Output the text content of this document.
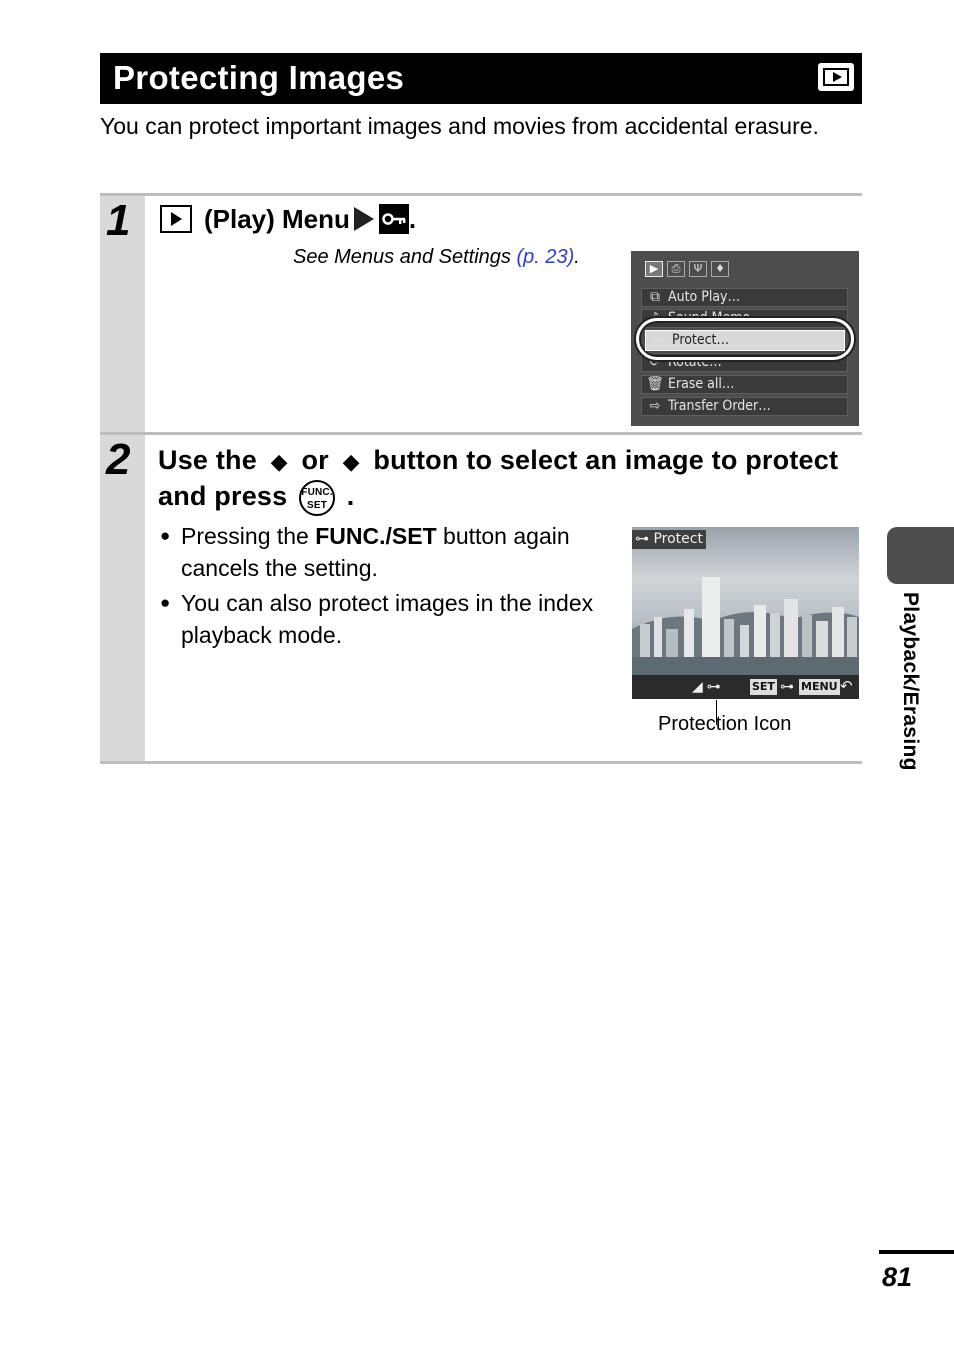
Protecting Images
You can protect important images and movies from accidental erasure.
1	(Play) Menu .
See Menus and Settings (p. 23).
▶	⎙	Ψ	♦
⧉ Auto Play…
♪ Sound Memo…
⟳ Rotate…
⊶ Protect…
🗑 Erase all…
⇨ Transfer Order…
2 Use the ◆ or ◆ button to select an image to protect and press FUNC.
SET .
● Pressing the FUNC./SET button again cancels the setting.
● You can also protect images in the index playback mode.
⊶ Protect
◢ ⊶	SET ⊶ MENU ↶
Protection Icon	Playback/Erasing
81
